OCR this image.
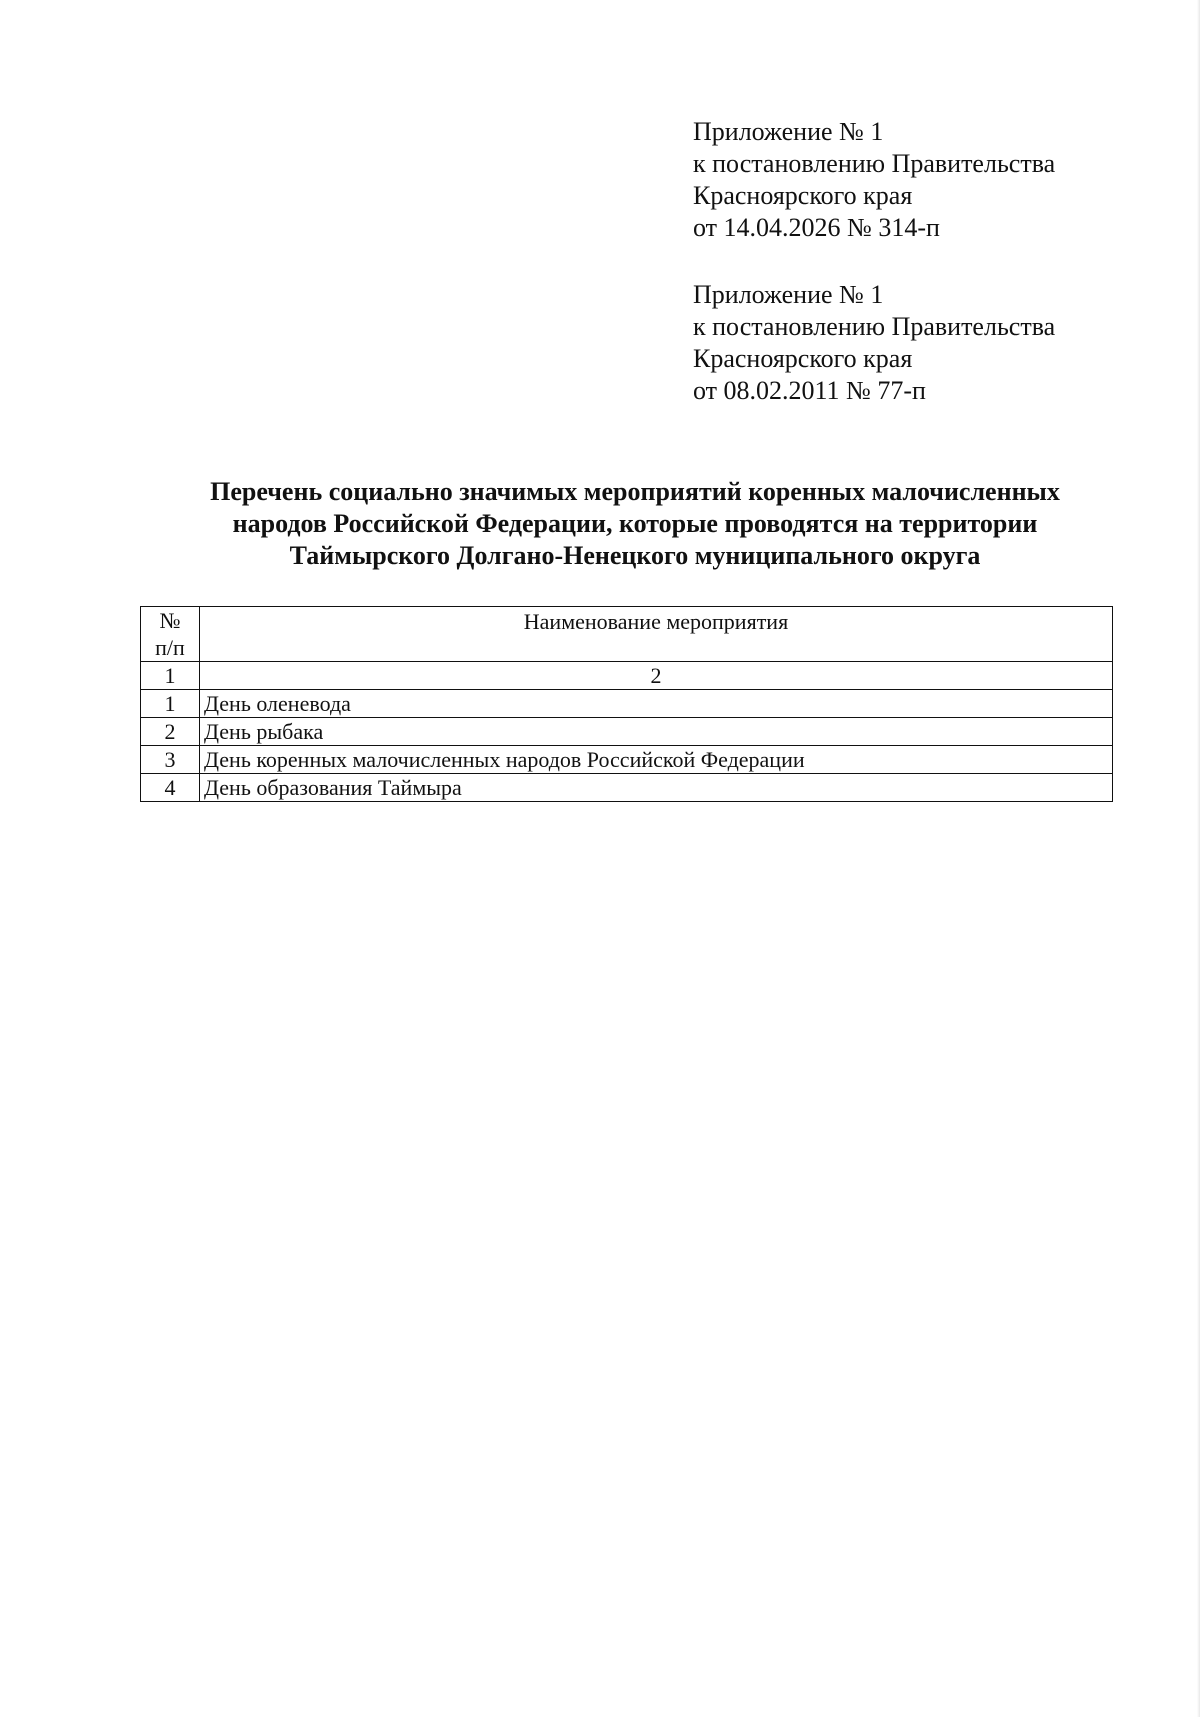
Приложение № 1
к постановлению Правительства
Красноярского края
от 14.04.2026 № 314-п
Приложение № 1
к постановлению Правительства
Красноярского края
от 08.02.2011 № 77-п
Перечень социально значимых мероприятий коренных малочисленных
народов Российской Федерации, которые проводятся на территории
Таймырского Долгано-Ненецкого муниципального округа
№
п/п	Наименование мероприятия
1	2
1	День оленевода
2	День рыбака
3	День коренных малочисленных народов Российской Федерации
4	День образования Таймыра
